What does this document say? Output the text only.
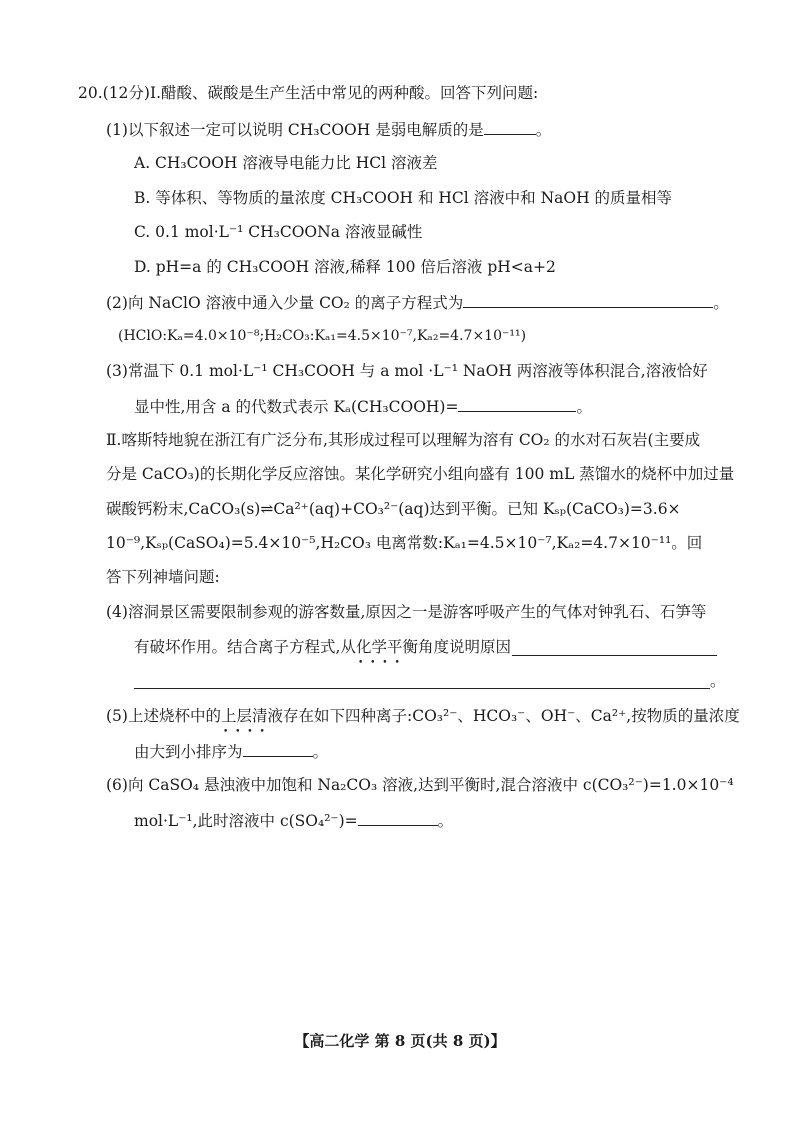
20.(12分)Ⅰ.醋酸、碳酸是生产生活中常见的两种酸。回答下列问题:
(1)以下叙述一定可以说明 CH₃COOH 是弱电解质的是	。
A. CH₃COOH 溶液导电能力比 HCl 溶液差
B. 等体积、等物质的量浓度 CH₃COOH 和 HCl 溶液中和 NaOH 的质量相等
C. 0.1 mol·L⁻¹ CH₃COONa 溶液显碱性
D. pH=a 的 CH₃COOH 溶液,稀释 100 倍后溶液 pH<a+2
(2)向 NaClO 溶液中通入少量 CO₂ 的离子方程式为	。
(HClO:Kₐ=4.0×10⁻⁸;H₂CO₃:Kₐ₁=4.5×10⁻⁷,Kₐ₂=4.7×10⁻¹¹)
(3)常温下 0.1 mol·L⁻¹ CH₃COOH 与 a mol ·L⁻¹ NaOH 两溶液等体积混合,溶液恰好
显中性,用含 a 的代数式表示 Kₐ(CH₃COOH)=	。
Ⅱ.喀斯特地貌在浙江有广泛分布,其形成过程可以理解为溶有 CO₂ 的水对石灰岩(主要成
分是 CaCO₃)的长期化学反应溶蚀。某化学研究小组向盛有 100 mL 蒸馏水的烧杯中加过量
碳酸钙粉末,CaCO₃(s)⇌Ca²⁺(aq)+CO₃²⁻(aq)达到平衡。已知 Kₛₚ(CaCO₃)=3.6×
10⁻⁹,Kₛₚ(CaSO₄)=5.4×10⁻⁵,H₂CO₃ 电离常数:Kₐ₁=4.5×10⁻⁷,Kₐ₂=4.7×10⁻¹¹。回
答下列神墙问题:
(4)溶洞景区需要限制参观的游客数量,原因之一是游客呼吸产生的气体对钟乳石、石笋等
有破坏作用。结合离子方程式,从化学平衡 • • • •角度说明原因
。
(5)上述烧杯中的上层清液 • • • •存在如下四种离子:CO₃²⁻、HCO₃⁻、OH⁻、Ca²⁺,按物质的量浓度
由大到小排序为	。
(6)向 CaSO₄ 悬浊液中加饱和 Na₂CO₃ 溶液,达到平衡时,混合溶液中 c(CO₃²⁻)=1.0×10⁻⁴
mol·L⁻¹,此时溶液中 c(SO₄²⁻)=	。
【高二化学 第 8 页(共 8 页)】
